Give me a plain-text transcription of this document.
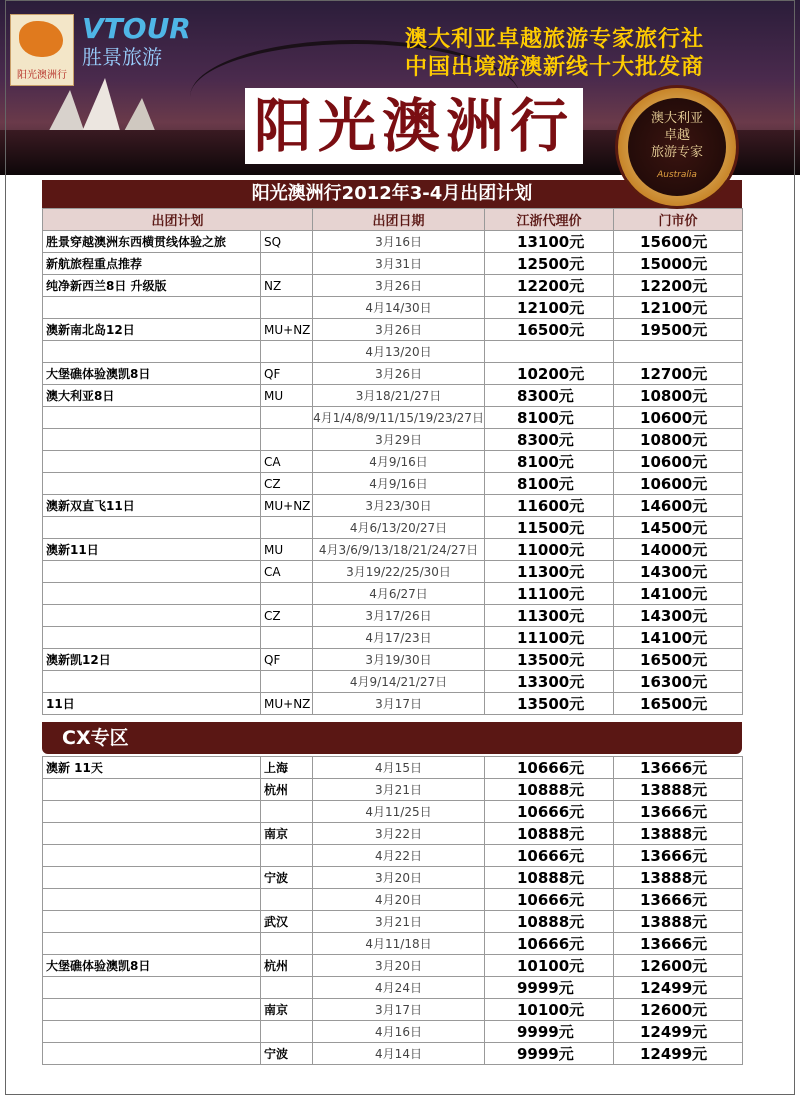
阳光澳洲行
VTOUR
胜景旅游
澳大利亚卓越旅游专家旅行社
中国出境游澳新线十大批发商
阳光澳洲行	澳大利亚
卓越
旅游专家
Australia
阳光澳洲行2012年3-4月出团计划
出团计划		出团日期	江浙代理价	门市价
胜景穿越澳洲东西横贯线体验之旅	SQ	3月16日	13100元	15600元
新航旅程重点推荐		3月31日	12500元	15000元
纯净新西兰8日 升级版	NZ	3月26日	12200元	12200元
		4月14/30日	12100元	12100元
澳新南北岛12日	MU+NZ	3月26日	16500元	19500元
		4月13/20日		
大堡礁体验澳凯8日	QF	3月26日	10200元	12700元
澳大利亚8日	MU	3月18/21/27日	8300元	10800元
		4月1/4/8/9/11/15/19/23/27日	8100元	10600元
		3月29日	8300元	10800元
	CA	4月9/16日	8100元	10600元
	CZ	4月9/16日	8100元	10600元
澳新双直飞11日	MU+NZ	3月23/30日	11600元	14600元
		4月6/13/20/27日	11500元	14500元
澳新11日	MU	4月3/6/9/13/18/21/24/27日	11000元	14000元
	CA	3月19/22/25/30日	11300元	14300元
		4月6/27日	11100元	14100元
	CZ	3月17/26日	11300元	14300元
		4月17/23日	11100元	14100元
澳新凯12日	QF	3月19/30日	13500元	16500元
		4月9/14/21/27日	13300元	16300元
11日	MU+NZ	3月17日	13500元	16500元
CX专区
澳新 11天	上海	4月15日	10666元	13666元
	杭州	3月21日	10888元	13888元
		4月11/25日	10666元	13666元
	南京	3月22日	10888元	13888元
		4月22日	10666元	13666元
	宁波	3月20日	10888元	13888元
		4月20日	10666元	13666元
	武汉	3月21日	10888元	13888元
		4月11/18日	10666元	13666元
大堡礁体验澳凯8日	杭州	3月20日	10100元	12600元
		4月24日	9999元	12499元
	南京	3月17日	10100元	12600元
		4月16日	9999元	12499元
	宁波	4月14日	9999元	12499元
